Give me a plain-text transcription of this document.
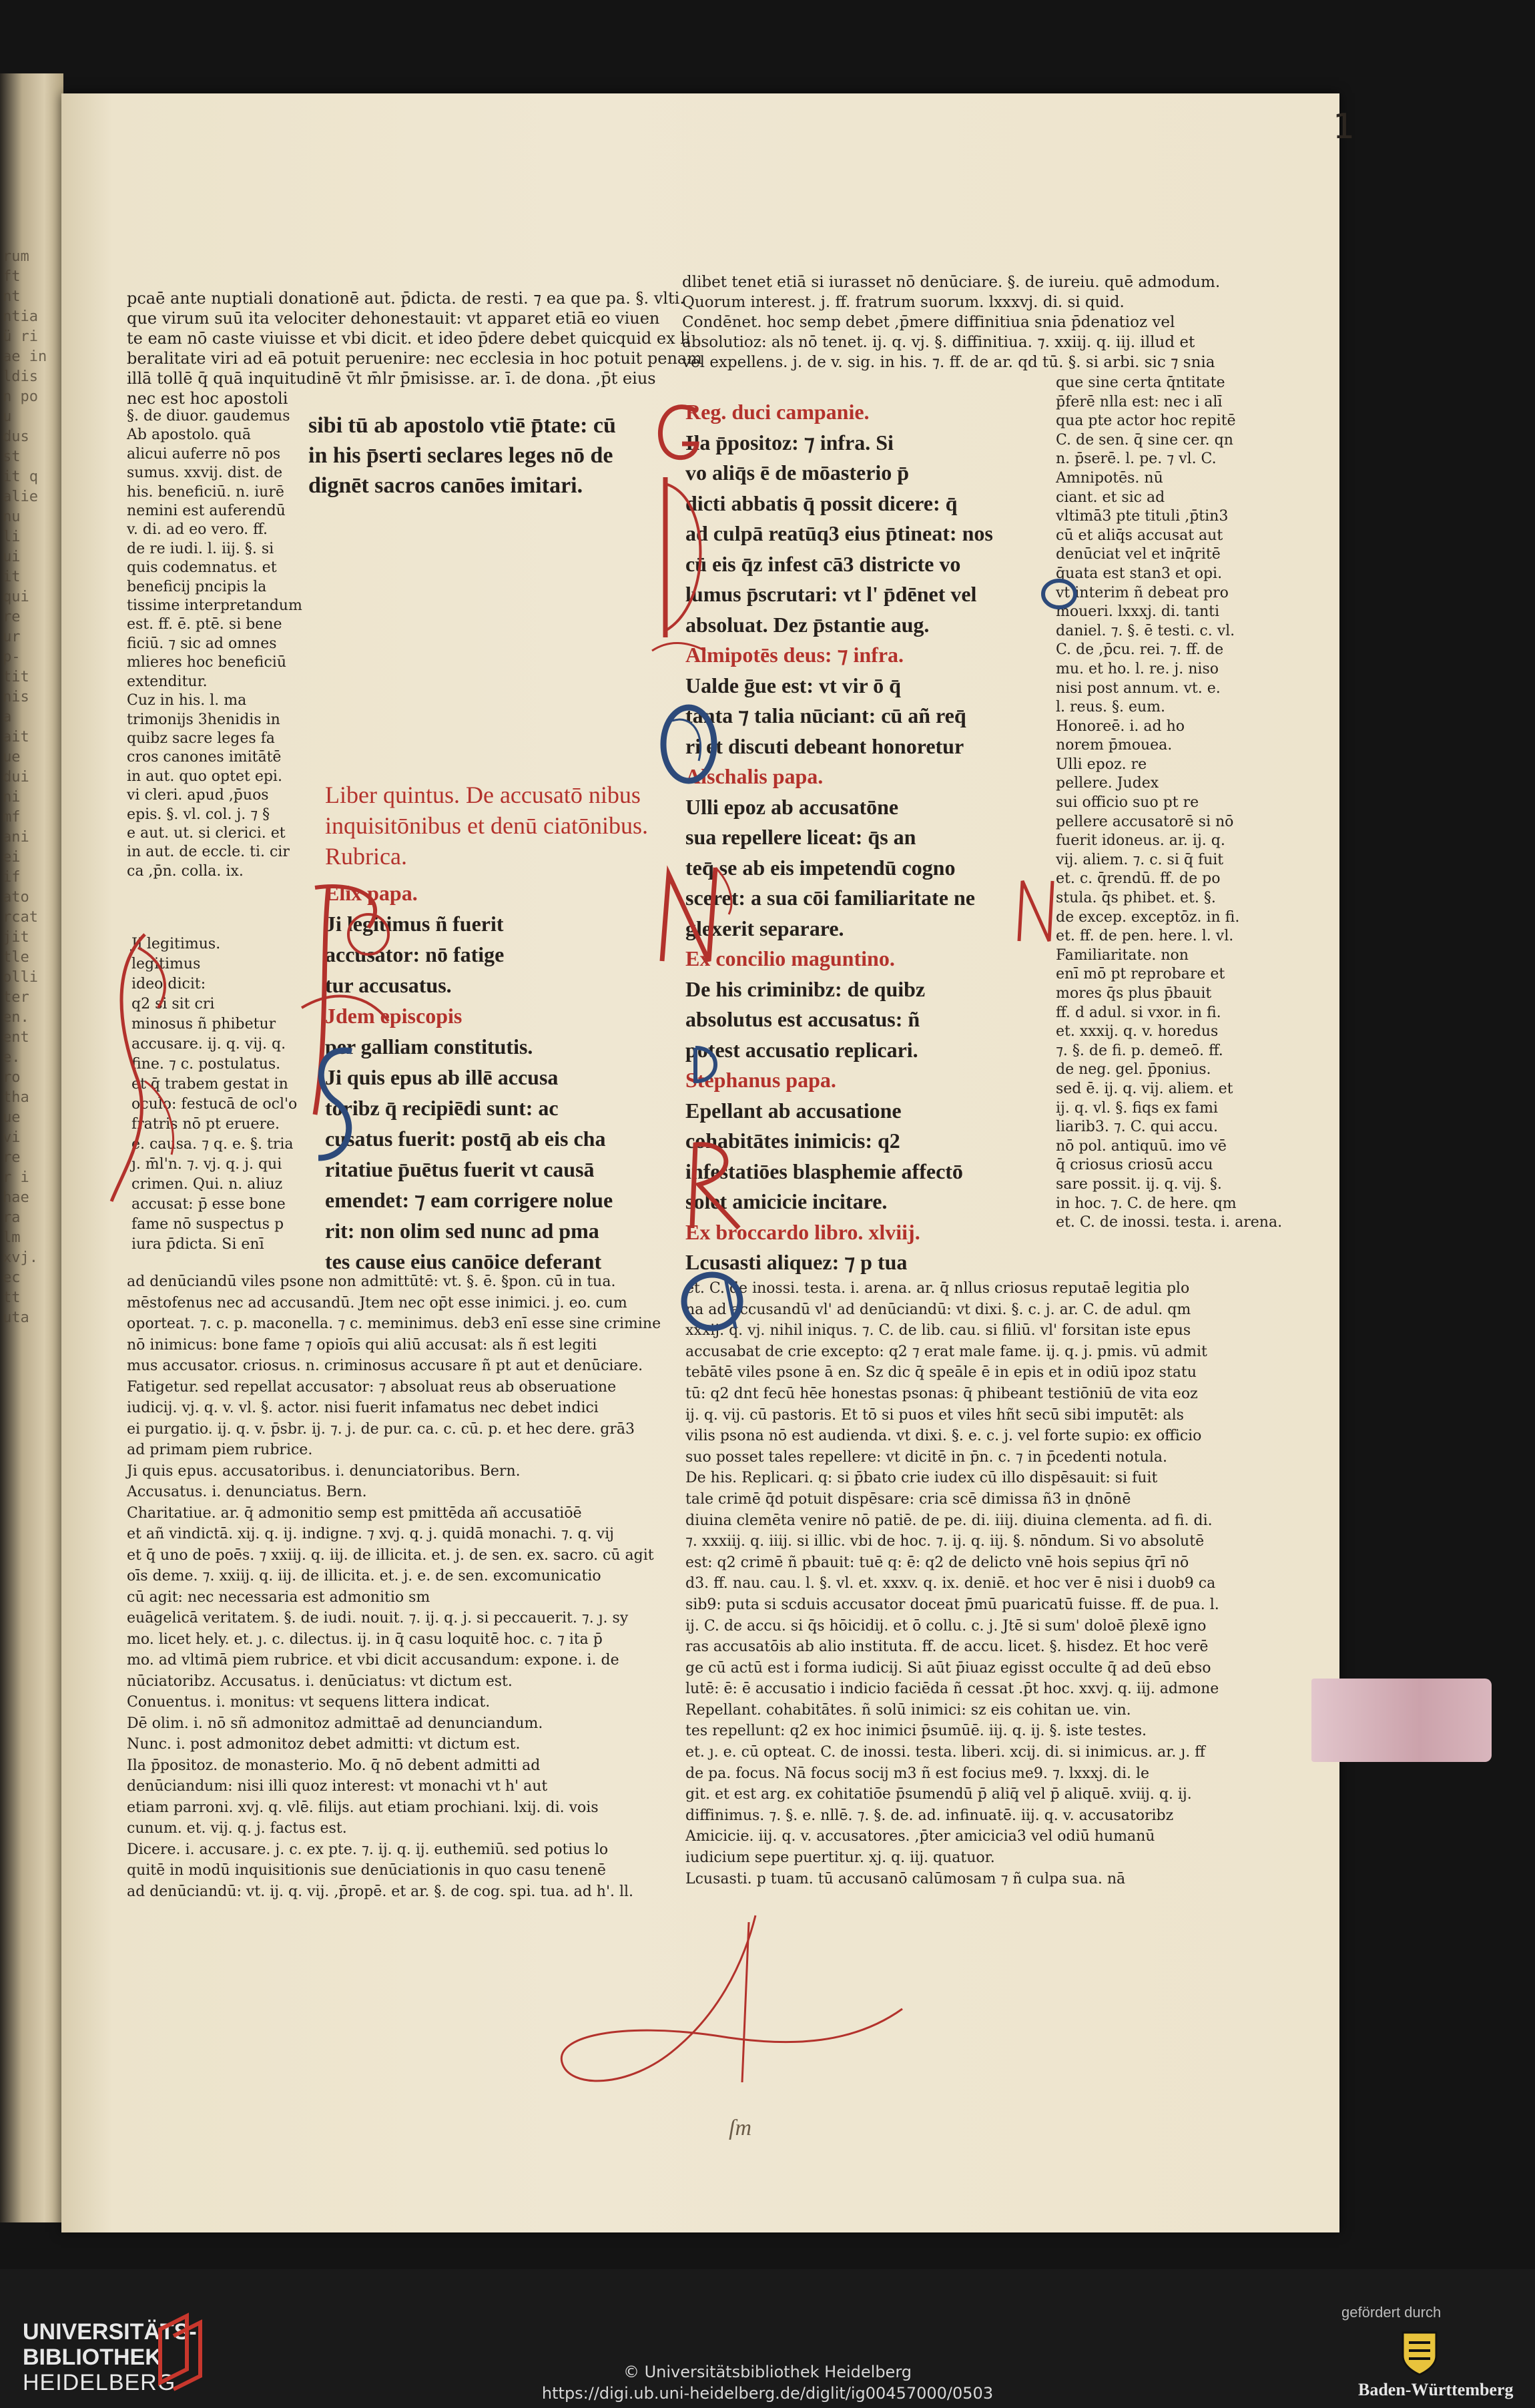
rum
ft
nt
ntia
ü ri
ae in
ldis
n po
u
dus
st
it q
alie
nu
li
ui
it
qui
re
ur
p-
tit
nis
a
ait
ue
dui
ni
mf
ani
ei
if
ato
rcat
jit
tle
olli
ter
en.
ent
e.
ro
tha
ue
vi
re
r i
hae
ra
lm
xvj.
ec
tt
uta
1

pcaē ante nuptiali donationē aut. p̄dicta. de resti. ⁊ ea que pa. §. vlti.

que virum suū ita velociter dehonestauit: vt apparet etiā eo viuen

te eam nō caste viuisse et vbi dicit. et ideo p̄dere debet quicquid ex li

beralitate viri ad eā potuit peruenire: nec ecclesia in hoc potuit penam

illā tollē q̄ quā inquitudinē v̄t m̄lr p̄misisse. ar. ī. de dona. ,p̄t eius

nec est hoc apostoli

§. de diuor. gaudemus

Ab apostolo. quā

alicui auferre nō pos

sumus. xxvij. dist. de

his. beneficiū. n. iurē

nemini est auferendū

v. di. ad eo vero. ff.

de re iudi. l. iij. §. si

quis codemnatus. et

beneficij pncipis la

tissime interpretandum

est. ff. ē. ptē. si bene

ficiū. ⁊ sic ad omnes

mlieres hoc beneficiū

extenditur.

Cuz in his. l. ma

trimonijs 3henidis in

quibz sacre leges fa

cros canones imitātē

in aut. quo optet epi.

vi cleri. apud ,p̄uos

epis. §. vl. col. j. ⁊ §

e aut. ut. si clerici. et

in aut. de eccle. ti. cir

ca ,p̄n. colla. ix.

sibi tū ab apostolo vtiē p̄tate: cū

in his p̄serti seclares leges nō de

dignēt sacros canōes imitari.

Liber quintus. De accusatō nibus inquisitōnibus et denū ciatōnibus. Rubrica.

Elix papa.

Ji legitimus ñ fuerit

accusator: nō fatige

tur accusatus.

Jdem episcopis

per galliam constitutis.

Ji quis epus ab illē accusa

toribz q̄ recipiēdi sunt: ac

cusatus fuerit: postq̄ ab eis cha

ritatiue p̄uētus fuerit vt causā

emendet: ⁊ eam corrigere nolue

rit: non olim sed nunc ad pma

tes cause eius canōice deferant

Ji legitimus.

legitimus

ideo dicit:

q2 si sit cri

minosus ñ phibetur

accusare. ij. q. vij. q.

fine. ⁊ c. postulatus.

et q̄ trabem gestat in

oculo: festucā de ocl'o

fratris nō pt eruere.

e. causa. ⁊ q. e. §. tria

ȷ. m̄l'n. ⁊. vj. q. j. qui

crimen. Qui. n. aliuz

accusat: p̄ esse bone

fame nō suspectus p

iura p̄dicta. Si enī

ad denūciandū viles psone non admittūtē: vt. §. ē. §pon. cū in tua.

mēstofenus nec ad accusandū. Jtem nec op̄t esse inimici. j. eo. cum

oporteat. ⁊. c. p. maconella. ⁊ c. meminimus. deb3 enī esse sine crimine

nō inimicus: bone fame ⁊ opioīs qui aliū accusat: als ñ est legiti

mus accusator. criosus. n. criminosus accusare ñ pt aut et denūciare.

Fatigetur. sed repellat accusator: ⁊ absoluat reus ab obseruatione

iudicij. vj. q. v. vl. §. actor. nisi fuerit infamatus nec debet indici

ei purgatio. ij. q. v. p̄sbr. ij. ⁊. j. de pur. ca. c. cū. p. et hec dere. grā3

ad primam piem rubrice.

Ji quis epus. accusatoribus. i. denunciatoribus. Bern.

Accusatus. i. denunciatus. Bern.

Charitatiue. ar. q̄ admonitio semp est pmittēda añ accusatiōē

et añ vindictā. xij. q. ij. indigne. ⁊ xvj. q. j. quidā monachi. ⁊. q. vij

et q̄ uno de poēs. ⁊ xxiij. q. iij. de illicita. et. j. de sen. ex. sacro. cū agit

oīs deme. ⁊. xxiij. q. iij. de illicita. et. j. e. de sen. excomunicatio

cū agit: nec necessaria est admonitio sm

euāgelicā veritatem. §. de iudi. nouit. ⁊. ij. q. j. si peccauerit. ⁊. ȷ. sy

mo. licet hely. et. ȷ. c. dilectus. ij. in q̄ casu loquitē hoc. c. ⁊ ita p̄

mo. ad vltimā piem rubrice. et vbi dicit accusandum: expone. i. de

nūciatoribz. Accusatus. i. denūciatus: vt dictum est.

Conuentus. i. monitus: vt sequens littera indicat.

Dē olim. i. nō sñ admonitoz admittaē ad denunciandum.

Nunc. i. post admonitoz debet admitti: vt dictum est.

Ila p̄positoz. de monasterio. Mo. q̄ nō debent admitti ad

denūciandum: nisi illi quoz interest: vt monachi vt h' aut

etiam parroni. xvj. q. vlē. filijs. aut etiam prochiani. lxij. di. vois

cunum. et. vij. q. j. factus est.

Dicere. i. accusare. j. c. ex pte. ⁊. ij. q. ij. euthemiū. sed potius lo

quitē in modū inquisitionis sue denūciationis in quo casu tenenē

ad denūciandū: vt. ij. q. vij. ,p̄ropē. et ar. §. de cog. spi. tua. ad h'. ll.

dlibet tenet etiā si iurasset nō denūciare. §. de iureiu. quē admodum.

Quorum interest. j. ff. fratrum suorum. lxxxvj. di. si quid.

Condēnet. hoc semp debet ,p̄mere diffinitiua snia p̄denatioz vel

absolutioz: als nō tenet. ij. q. vj. §. diffinitiua. ⁊. xxiij. q. iij. illud et

vel expellens. j. de v. sig. in his. ⁊. ff. de ar. qd tū. §. si arbi. sic ⁊ snia

Reg. duci campanie.

Ila p̄positoz: ⁊ infra. Si

vo aliq̄s ē de mōasterio p̄

dicti abbatis q̄ possit dicere: q̄

ad culpā reatūq3 eius p̄tineat: nos

cū eis q̄z infest cā3 districte vo

lumus p̄scrutari: vt l' p̄dēnet vel

absoluat. Dez p̄stantie aug.

Almipotēs deus: ⁊ infra.

Ualde ḡue est: vt vir ō q̄

tanta ⁊ talia nūciant: cū añ req̄

ri et discuti debeant honoretur

Alschalis papa.

Ulli epoz ab accusatōne

sua repellere liceat: q̄s an

teq̄ se ab eis impetendū cogno

sceret: a sua cōi familiaritate ne

glexerit separare.

Ex concilio maguntino.

De his criminibz: de quibz

absolutus est accusatus: ñ

potest accusatio replicari.

Stephanus papa.

Epellant ab accusatione

cohabitātes inimicis: q2

infestatiōes blasphemie affectō

solet amicicie incitare.

Ex broccardo libro. xlviij.

Lcusasti aliquez: ⁊ p tua

que sine certa q̄ntitate

p̄ferē nlla est: nec i alī

qua pte actor hoc repitē

C. de sen. q̄ sine cer. qn

n. p̄serē. l. pe. ⁊ vl. C.

Amnipotēs. nū

ciant. et sic ad

vltimā3 pte tituli ,p̄tin3

cū et aliq̄s accusat aut

denūciat vel et inq̄ritē

q̄uata est stan3 et opi.

vt interim ñ debeat pro

moueri. lxxxj. di. tanti

daniel. ⁊. §. ē testi. c. vl.

C. de ,p̄cu. rei. ⁊. ff. de

mu. et ho. l. re. j. niso

nisi post annum. vt. e.

l. reus. §. eum.

Honoreē. i. ad ho

norem p̄mouea.

Ulli epoz. re

pellere. Judex

sui officio suo pt re

pellere accusatorē si nō

fuerit idoneus. ar. ij. q.

vij. aliem. ⁊. c. si q̄ fuit

et. c. q̄rendū. ff. de po

stula. q̄s phibet. et. §.

de excep. exceptōz. in fi.

et. ff. de pen. here. l. vl.

Familiaritate. non

enī mō pt reprobare et

mores q̄s plus p̄bauit

ff. d adul. si vxor. in fi.

et. xxxij. q. v. horedus

⁊. §. de fi. p. demeō. ff.

de neg. gel. p̄ponius.

sed ē. ij. q. vij. aliem. et

ij. q. vl. §. fiqs ex fami

liarib3. ⁊. C. qui accu.

nō pol. antiquū. imo vē

q̄ criosus criosū accu

sare possit. ij. q. vij. §.

in hoc. ⁊. C. de here. qm

et. C. de inossi. testa. i. arena.

et. C. de inossi. testa. i. arena. ar. q̄ nllus criosus reputaē legitia plo

na ad accusandū vl' ad denūciandū: vt dixi. §. c. j. ar. C. de adul. qm

xxxij. q. vj. nihil iniqus. ⁊. C. de lib. cau. si filiū. vl' forsitan iste epus

accusabat de crie excepto: q2 ⁊ erat male fame. ij. q. j. pmis. vū admit

tebātē viles psone ā en. Sz dic q̄ speāle ē in epis et in odiū ipoz statu

tū: q2 dnt fecū hēe honestas psonas: q̄ phibeant testiōniū de vita eoz

ij. q. vij. cū pastoris. Et tō si puos et viles hñt secū sibi imputēt: als

vilis psona nō est audienda. vt dixi. §. e. c. j. vel forte supio: ex officio

suo posset tales repellere: vt dicitē in p̄n. c. ⁊ in p̄cedenti notula.

De his. Replicari. q: si p̄bato crie iudex cū illo dispēsauit: si fuit

tale crimē q̄d potuit dispēsare: cria scē dimissa ñ3 in ḍnōnē

diuina clemēta venire nō patiē. de pe. di. iiij. diuina clementa. ad fi. di.

⁊. xxxiij. q. iiij. si illic. vbi de hoc. ⁊. ij. q. iij. §. nōndum. Si vo absolutē

est: q2 crimē ñ pbauit: tuē q: ē: q2 de delicto vnē hois sepius q̄rī nō

d3. ff. nau. cau. l. §. vl. et. xxxv. q. ix. deniē. et hoc ver ē nisi i duob9 ca

sib9: puta si scduis accusator doceat p̄mū puaricatū fuisse. ff. de pua. l.

ij. C. de accu. si q̄s hōicidij. et ō collu. c. j. Jtē si sum' doloē p̄lexē igno

ras accusatōis ab alio instituta. ff. de accu. licet. §. hisdez. Et hoc verē

ge cū actū est i forma iudicij. Si aūt p̄iuaz egisst occulte q̄ ad deū ebso

lutē: ē: ē accusatio i indicio faciēda ñ cessat .p̄t hoc. xxvj. q. iij. admone

Repellant. cohabitātes. ñ solū inimici: sz eis cohitan ue. vin.

tes repellunt: q2 ex hoc inimici p̄sumūē. iij. q. ij. §. iste testes.

et. ȷ. e. cū opteat. C. de inossi. testa. liberi. xcij. di. si inimicus. ar. ȷ. ff

de pa. focus. Nā focus socij m3 ñ est focius me9. ⁊. lxxxj. di. le

git. et est arg. ex cohitatiōe p̄sumendū p̄ aliq̄ vel p̄ aliquē. xviij. q. ij.

diffinimus. ⁊. §. e. nllē. ⁊. §. de. ad. infinuatē. iij. q. v. accusatoribz

Amicicie. iij. q. v. accusatores. ,p̄ter amicicia3 vel odiū humanū

iudicium sepe puertitur. xj. q. iij. quatuor.

Lcusasti. p tuam. tū accusanō calūmosam ⁊ ñ culpa sua. nā

ſm
UNIVERSITÄTS-
BIBLIOTHEK
HEIDELBERG	© Universitätsbibliothek Heidelberg
https://digi.ub.uni-heidelberg.de/diglit/ig00457000/0503
gefördert durch
Baden-Württemberg
